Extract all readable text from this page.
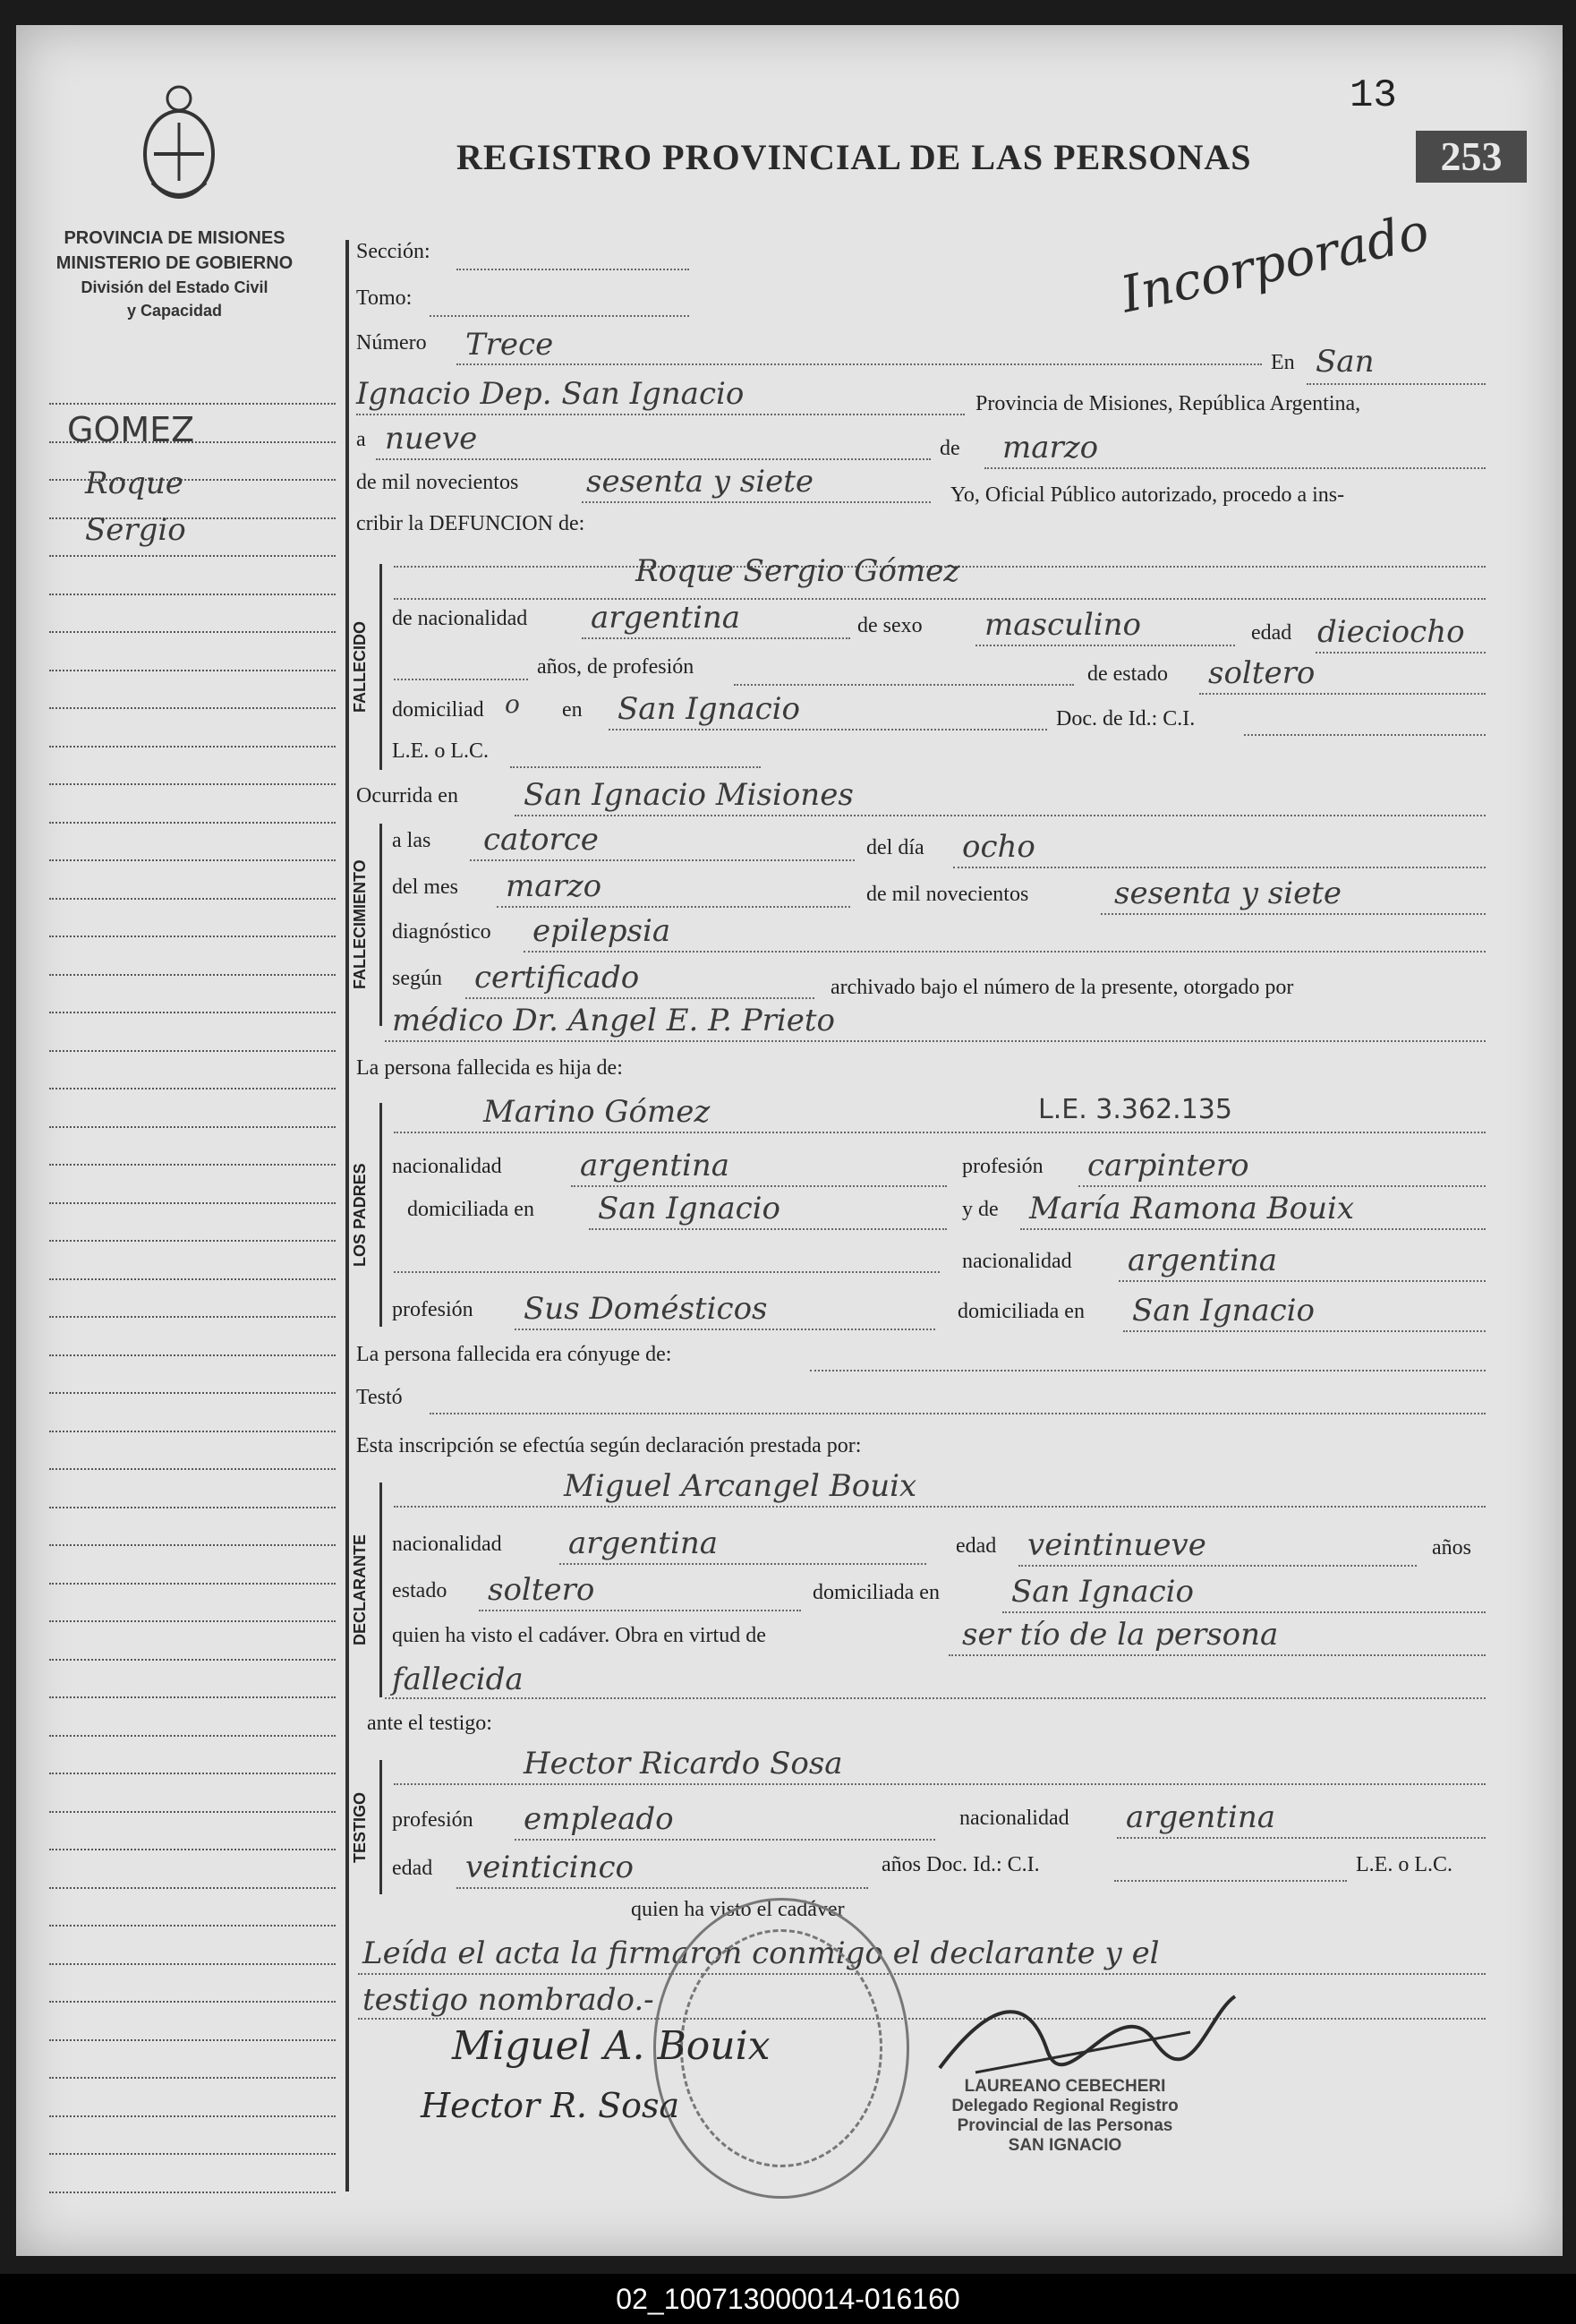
13
253
REGISTRO PROVINCIAL DE LAS PERSONAS
Incorporado
PROVINCIA DE MISIONES
MINISTERIO DE GOBIERNO
División del Estado Civil
y Capacidad
GOMEZ
Roque
Sergio
Sección:
Tomo:
Número Trece	En San
Ignacio Dep. San Ignacio	Provincia de Misiones, República Argentina,
a nueve	de marzo
de mil novecientos sesenta y siete	Yo, Oficial Público autorizado, procedo a ins-
cribir la DEFUNCION de:
FALLECIDO
Roque Sergio Gómez
de nacionalidad argentina	de sexo masculino	edad dieciocho
años, de profesión	de estado soltero
domiciliad o en San Ignacio	Doc. de Id.: C.I.
L.E. o L.C.
Ocurrida en San Ignacio Misiones
FALLECIMIENTO
a las catorce	del día ocho
del mes marzo	de mil novecientos	sesenta y siete
diagnóstico epilepsia
según certificado	archivado bajo el número de la presente, otorgado por
médico Dr. Angel E. P. Prieto
La persona fallecida es hija de:
LOS PADRES
Marino Gómez	L.E. 3.362.135
nacionalidad	argentina	profesión carpintero
domiciliada en San Ignacio	y de María Ramona Bouix
nacionalidad argentina
profesión Sus Domésticos	domiciliada en San Ignacio
La persona fallecida era cónyuge de:
Testó
Esta inscripción se efectúa según declaración prestada por:
DECLARANTE
Miguel Arcangel Bouix
nacionalidad argentina	edad veintinueve	años
estado soltero	domiciliada en San Ignacio
quien ha visto el cadáver. Obra en virtud de	ser tío de la persona
fallecida
ante el testigo:
TESTIGO
Hector Ricardo Sosa
profesión empleado	nacionalidad argentina
edad veinticinco	años Doc. Id.: C.I.	L.E. o L.C.
quien ha visto el cadáver
Leída el acta la firmaron conmigo el declarante y el
testigo nombrado.-
Miguel A. Bouix
Hector R. Sosa	LAUREANO CEBECHERI
Delegado Regional Registro
Provincial de las Personas
SAN IGNACIO
02_100713000014-016160
